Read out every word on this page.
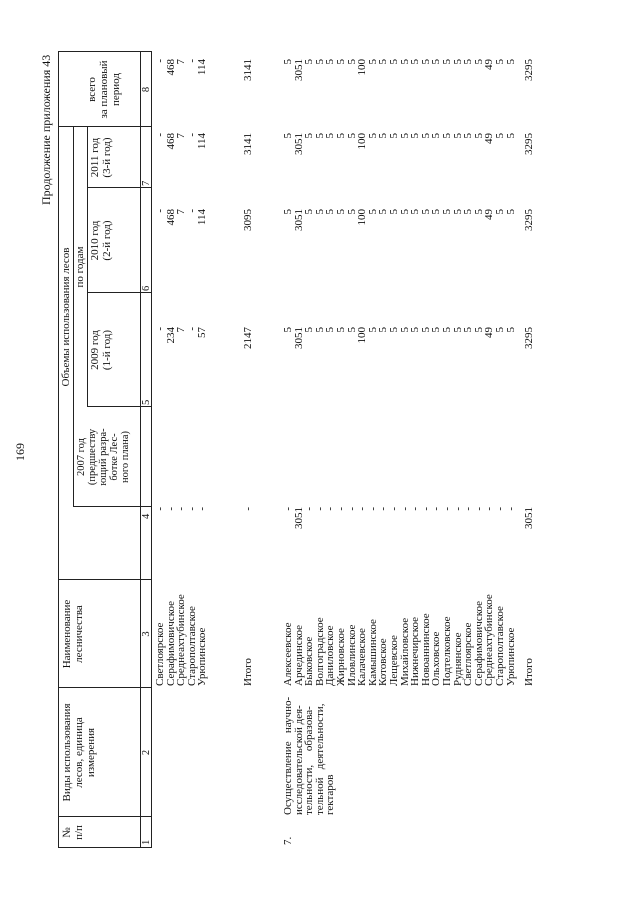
169
Продолжение приложения 43
№ п/п
Виды использования лесов, единица измерения
Наименование лесничества
Объемы использования лесов по годам
2007 год (предшеству ющий разра- ботке Лес- ного плана)
2009 год (1-й год)
2010 год (2-й год)
2011 год (3-й год)
всего за плановый период
1
2
3
4
5
6
7
8
Светлоярское
-
-
-
-
-
Серафимовичское
-
234
468
468
468
Среднеахтубинское
-
7
7
7
7
Старополтавское
-
-
-
-
-
Урюпинское
-
57
114
114
114
Итого
-
2147
3095
3141
3141
7.
Осуществление   научно-
исследовательской дея-
тельности,     образова-
тельной   деятельности,
гектаров
Алексеевское
-
5
5
5
5
Арчединское
3051
3051
3051
3051
3051
Быковское
-
5
5
5
5
Волгоградское
-
5
5
5
5
Даниловское
-
5
5
5
5
Жирновское
-
5
5
5
5
Иловлинское
-
5
5
5
5
Калачевское
-
100
100
100
100
Камышинское
-
5
5
5
5
Котовское
-
5
5
5
5
Лещевское
-
5
5
5
5
Михайловское
-
5
5
5
5
Нижнечирское
-
5
5
5
5
Новоаннинское
-
5
5
5
5
Ольховское
-
5
5
5
5
Подтелковское
-
5
5
5
5
Руднянское
-
5
5
5
5
Светлоярское
-
5
5
5
5
Серафимовичское
-
5
5
5
5
Среднеахтубинское
-
49
49
49
49
Старополтавское
-
5
5
5
5
Урюпинское
-
5
5
5
5
Итого
3051
3295
3295
3295
3295
